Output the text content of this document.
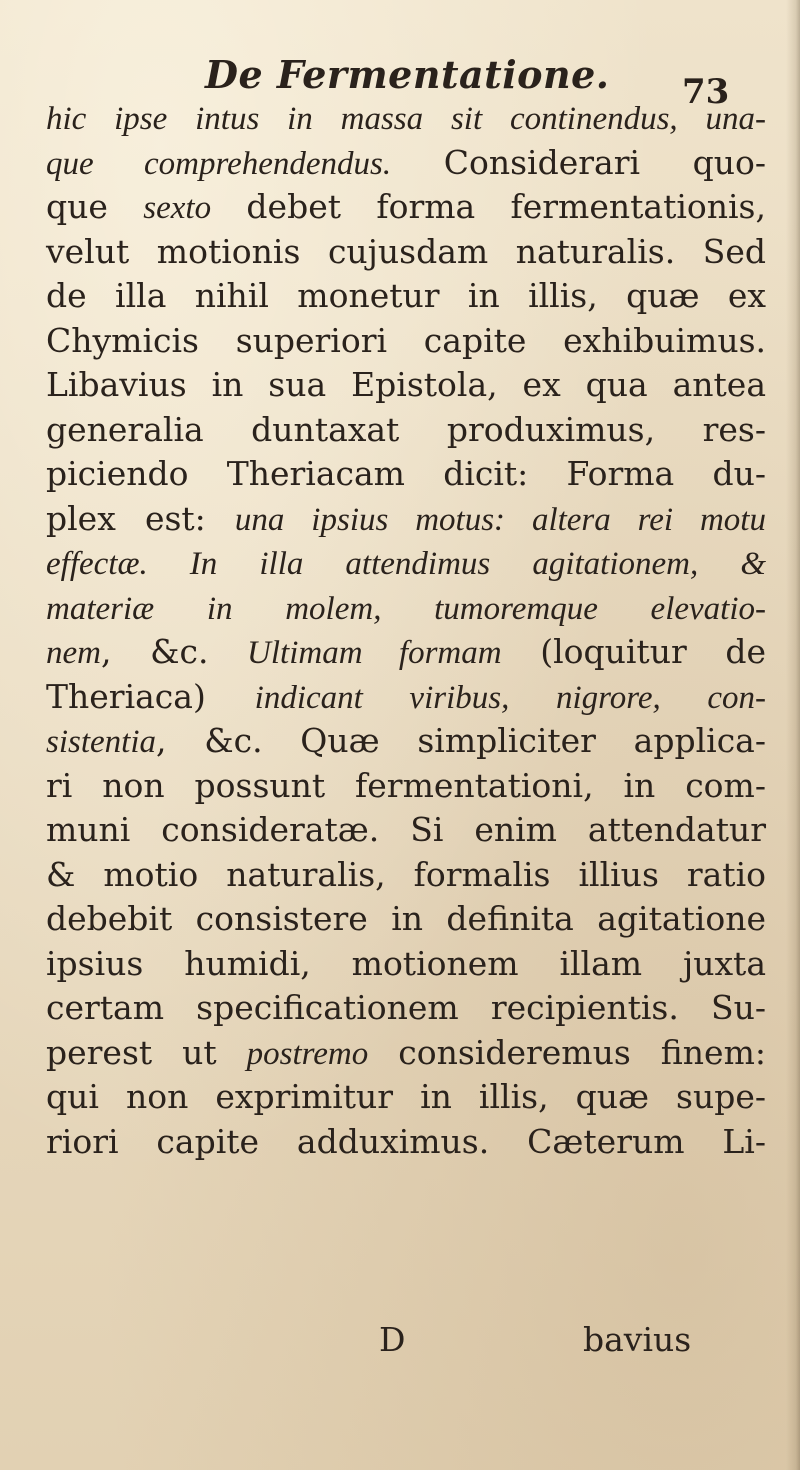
De Fermentatione. 73
hic ipse intus in massa sit continendus, una-
que comprehendendus. Considerari quo-
que sexto debet forma fermentationis,
velut motionis cujusdam naturalis. Sed
de illa nihil monetur in illis, quæ ex
Chymicis superiori capite exhibuimus.
Libavius in sua Epistola, ex qua antea
generalia duntaxat produximus, res-
piciendo Theriacam dicit: Forma du-
plex est: una ipsius motus: altera rei motu
effectæ. In illa attendimus agitationem, &
materiæ in molem, tumoremque elevatio-
nem, &c. Ultimam formam (loquitur de
Theriaca) indicant viribus, nigrore, con-
sistentia, &c. Quæ simpliciter applica-
ri non possunt fermentationi, in com-
muni consideratæ. Si enim attendatur
& motio naturalis, formalis illius ratio
debebit consistere in definita agitatione
ipsius humidi, motionem illam juxta
certam specificationem recipientis. Su-
perest ut postremo consideremus finem:
qui non exprimitur in illis, quæ supe-
riori capite adduximus. Cæterum Li-
D	bavius
